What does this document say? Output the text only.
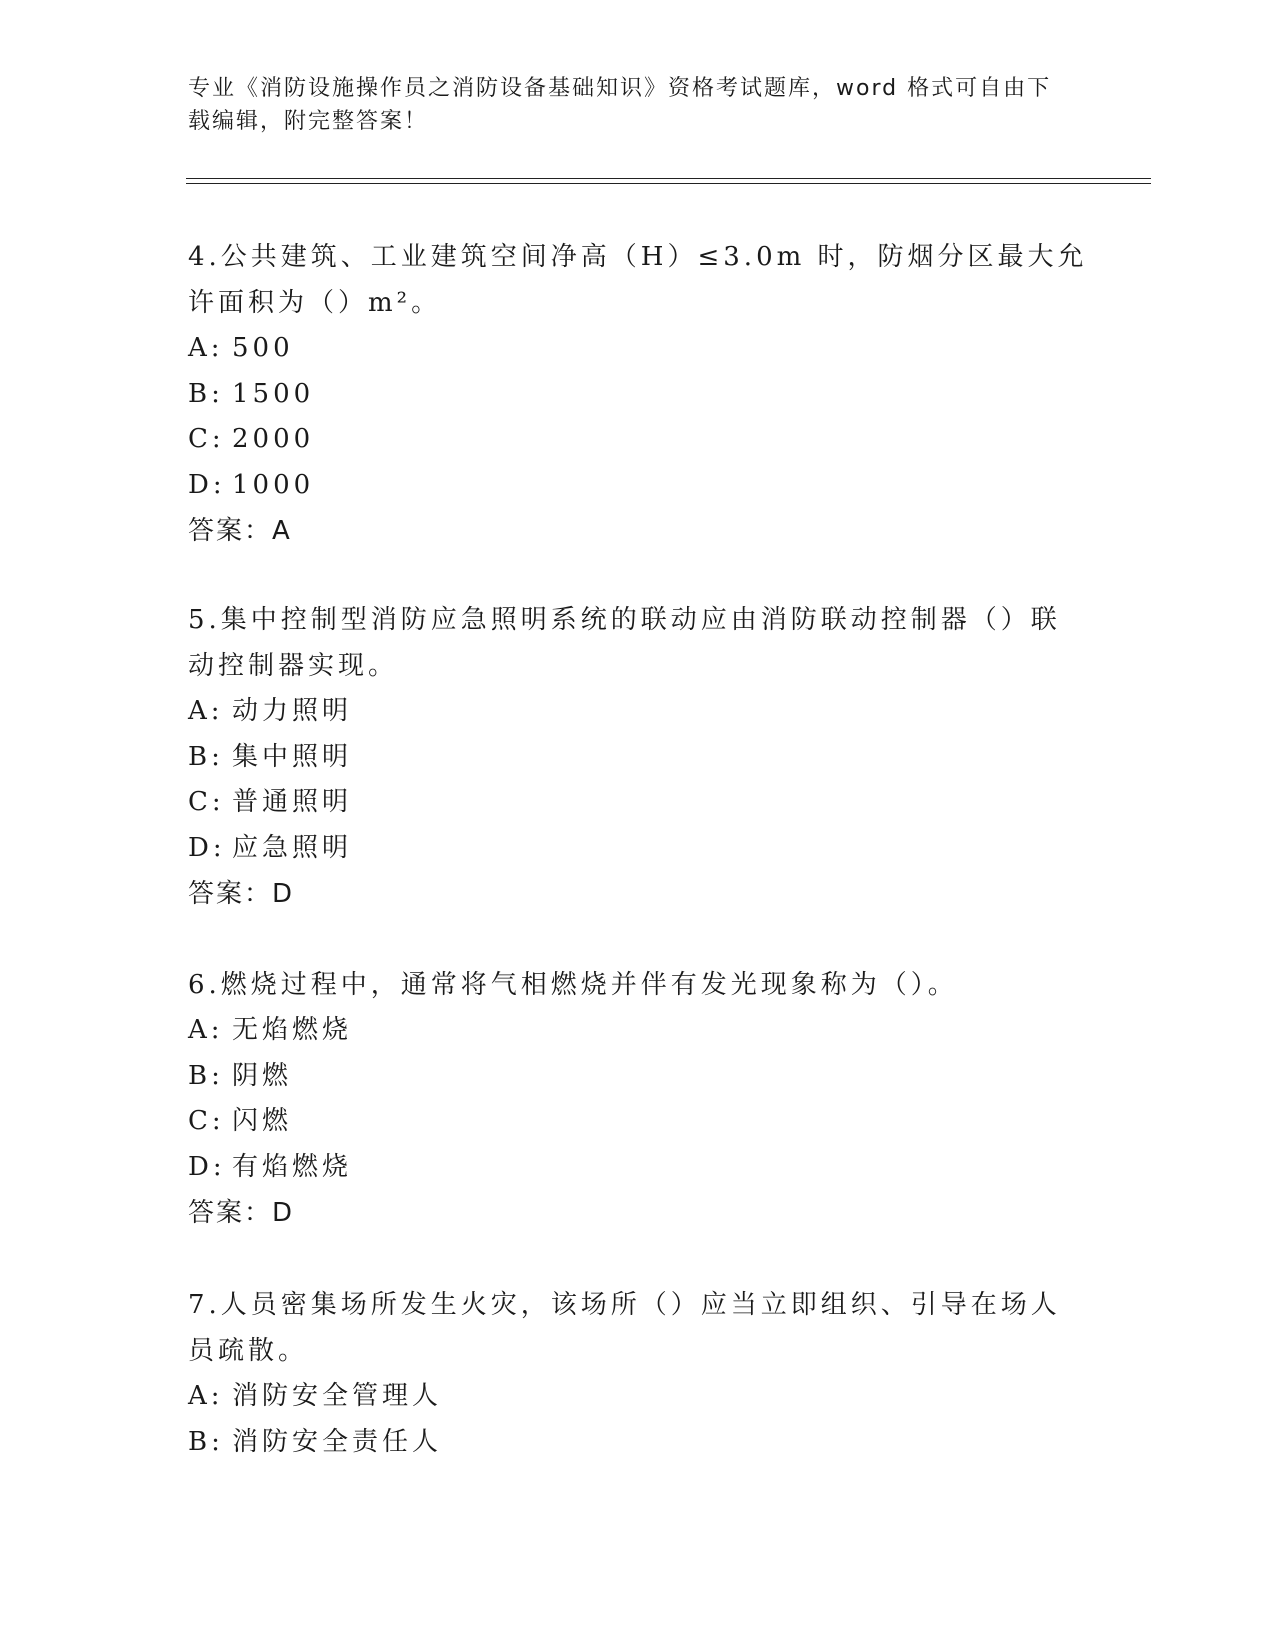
专业《消防设施操作员之消防设备基础知识》资格考试题库，word 格式可自由下载编辑，附完整答案！

4.公共建筑、工业建筑空间净高（H）≤3.0m 时，防烟分区最大允许面积为（）m²。

A: 500

B: 1500

C: 2000

D: 1000

答案：A

5.集中控制型消防应急照明系统的联动应由消防联动控制器（）联动控制器实现。

A: 动力照明

B: 集中照明

C: 普通照明

D: 应急照明

答案：D

6.燃烧过程中，通常将气相燃烧并伴有发光现象称为（）。

A: 无焰燃烧

B: 阴燃

C: 闪燃

D: 有焰燃烧

答案：D

7.人员密集场所发生火灾，该场所（）应当立即组织、引导在场人员疏散。

A: 消防安全管理人

B: 消防安全责任人
